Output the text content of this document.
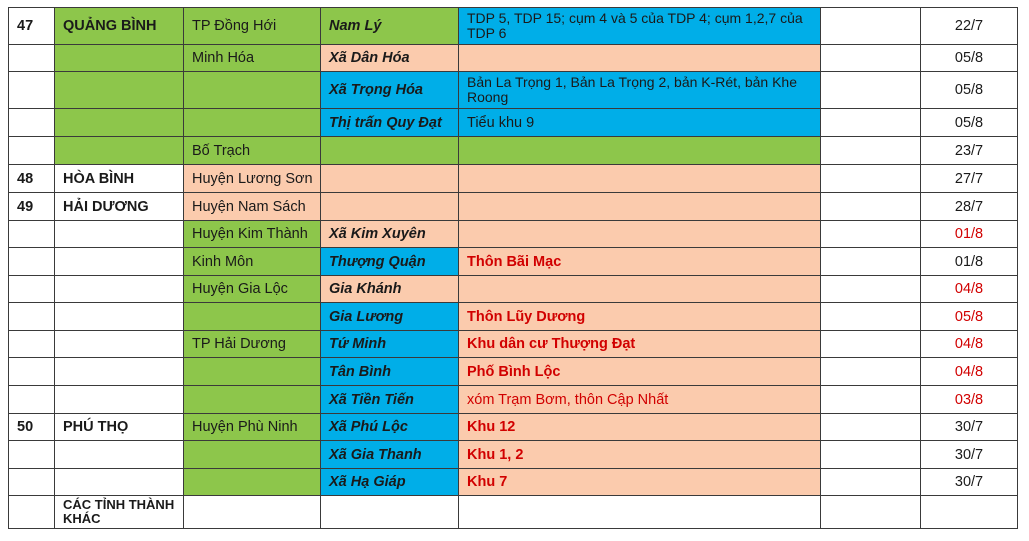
47	QUẢNG BÌNH	TP Đồng Hới	Nam Lý	TDP 5, TDP 15; cụm 4 và 5 của TDP 4; cụm 1,2,7 của TDP 6		22/7
		Minh Hóa	Xã Dân Hóa			05/8
			Xã Trọng Hóa	Bản La Trọng 1, Bản La Trọng 2, bản K-Rét, bản Khe Roong		05/8
			Thị trấn Quy Đạt	Tiểu khu 9		05/8
		Bố Trạch				23/7
48	HÒA BÌNH	Huyện Lương Sơn				27/7
49	HẢI DƯƠNG	Huyện Nam Sách				28/7
		Huyện Kim Thành	Xã Kim Xuyên			01/8
		Kinh Môn	Thượng Quận	Thôn Bãi Mạc		01/8
		Huyện Gia Lộc	Gia Khánh			04/8
			Gia Lương	Thôn Lũy Dương		05/8
		TP Hải Dương	Tứ Minh	Khu dân cư Thượng Đạt		04/8
			Tân Bình	Phố Bình Lộc		04/8
			Xã Tiền Tiến	xóm Trạm Bơm, thôn Cập Nhất		03/8
50	PHÚ THỌ	Huyện Phù Ninh	Xã Phú Lộc	Khu 12		30/7
			Xã Gia Thanh	Khu 1, 2		30/7
			Xã Hạ Giáp	Khu 7		30/7
	CÁC TỈNH THÀNH KHÁC					
